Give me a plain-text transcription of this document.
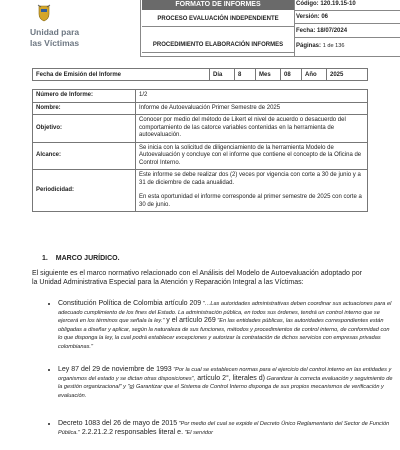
Unidad para
las Víctimas
FORMATO DE INFORMES
PROCESO EVALUACIÓN INDEPENDIENTE
PROCEDIMIENTO ELABORACIÓN INFORMES
Código: 120.19.15-10
Versión: 06
Fecha: 18/07/2024
Páginas: 1 de 136
Fecha de Emisión del Informe	Día	8	Mes	08	Año	2025
Número de Informe:	1/2
Nombre:	Informe de Autoevaluación Primer Semestre de 2025
Objetivo:	Conocer por medio del método de Likert el nivel de acuerdo o desacuerdo del comportamiento de las catorce variables contenidas en la herramienta de autoevaluación.
Alcance:	Se inicia con la solicitud de diligenciamiento de la herramienta Modelo de Autoevaluación y concluye con el informe que contiene el concepto de la Oficina de Control Interno.
Periodicidad:	Este informe se debe realizar dos (2) veces por vigencia con corte a 30 de junio y a 31 de diciembre de cada anualidad.
En esta oportunidad el informe corresponde al primer semestre de 2025 con corte a 30 de junio.
1. MARCO JURÍDICO.
El siguiente es el marco normativo relacionado con el Análisis del Modelo de Autoevaluación adoptado por la Unidad Administrativa Especial para la Atención y Reparación Integral a las Víctimas:
• Constitución Política de Colombia artículo 209 "…Las autoridades administrativas deben coordinar sus actuaciones para el adecuado cumplimiento de los fines del Estado. La administración pública, en todos sus órdenes, tendrá un control interno que se ejercerá en los términos que señala la ley." y el artículo 269 "En las entidades públicas, las autoridades correspondientes están obligadas a diseñar y aplicar, según la naturaleza de sus funciones, métodos y procedimientos de control interno, de conformidad con lo que disponga la ley, la cual podrá establecer excepciones y autorizar la contratación de dichos servicios con empresas privadas colombianas."
• Ley 87 del 29 de noviembre de 1993 "Por la cual se establecen normas para el ejercicio del control interno en las entidades y organismos del estado y se dictan otras disposiciones", artículo 2°, literales d) Garantizar la correcta evaluación y seguimiento de la gestión organizacional" y "g) Garantizar que el Sistema de Control Interno disponga de sus propios mecanismos de verificación y evaluación.
• Decreto 1083 del 26 de mayo de 2015 "Por medio del cual se expide el Decreto Único Reglamentario del Sector de Función Pública." 2.2.21.2.2 responsables literal e. "El servidor
